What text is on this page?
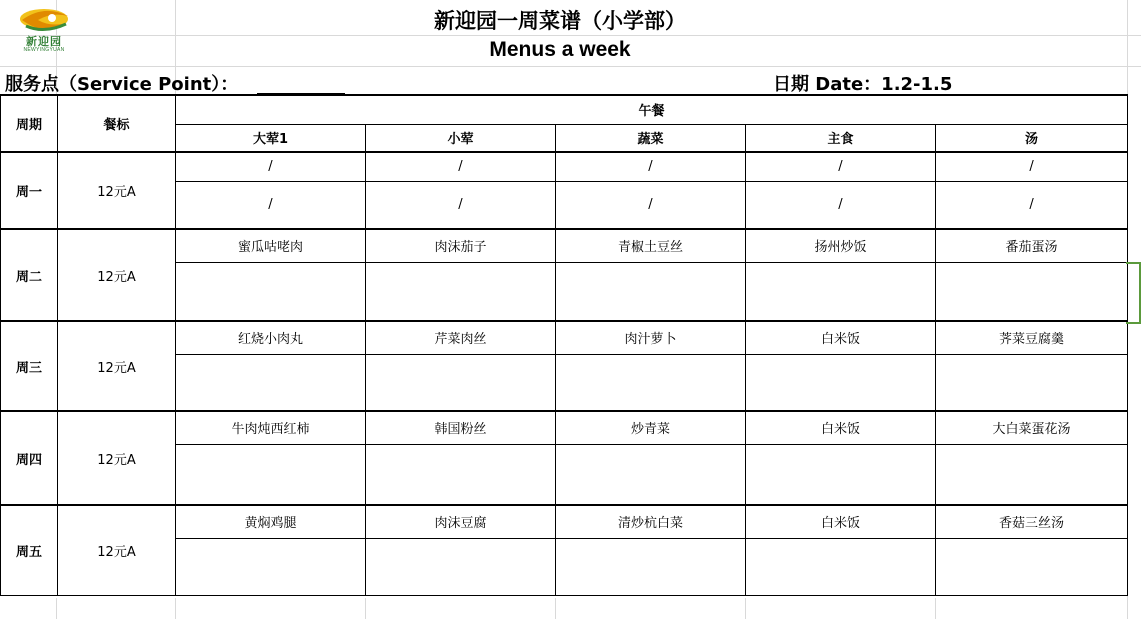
新迎园
NEWYINGYUAN
新迎园一周菜谱（小学部）
Menus a week
服务点（Service Point）：	日期 Date：1.2-1.5
周期	餐标	午餐				
		大荤1	小荤	蔬菜	主食	汤
周一	12元A	/	/	/	/	/
		/	/	/	/	/
周二	12元A	蜜瓜咕咾肉	肉沫茄子	青椒土豆丝	扬州炒饭	番茄蛋汤

周三	12元A	红烧小肉丸	芹菜肉丝	肉汁萝卜	白米饭	荠菜豆腐羹

周四	12元A	牛肉炖西红柿	韩国粉丝	炒青菜	白米饭	大白菜蛋花汤

周五	12元A	黄焖鸡腿	肉沫豆腐	清炒杭白菜	白米饭	香菇三丝汤
